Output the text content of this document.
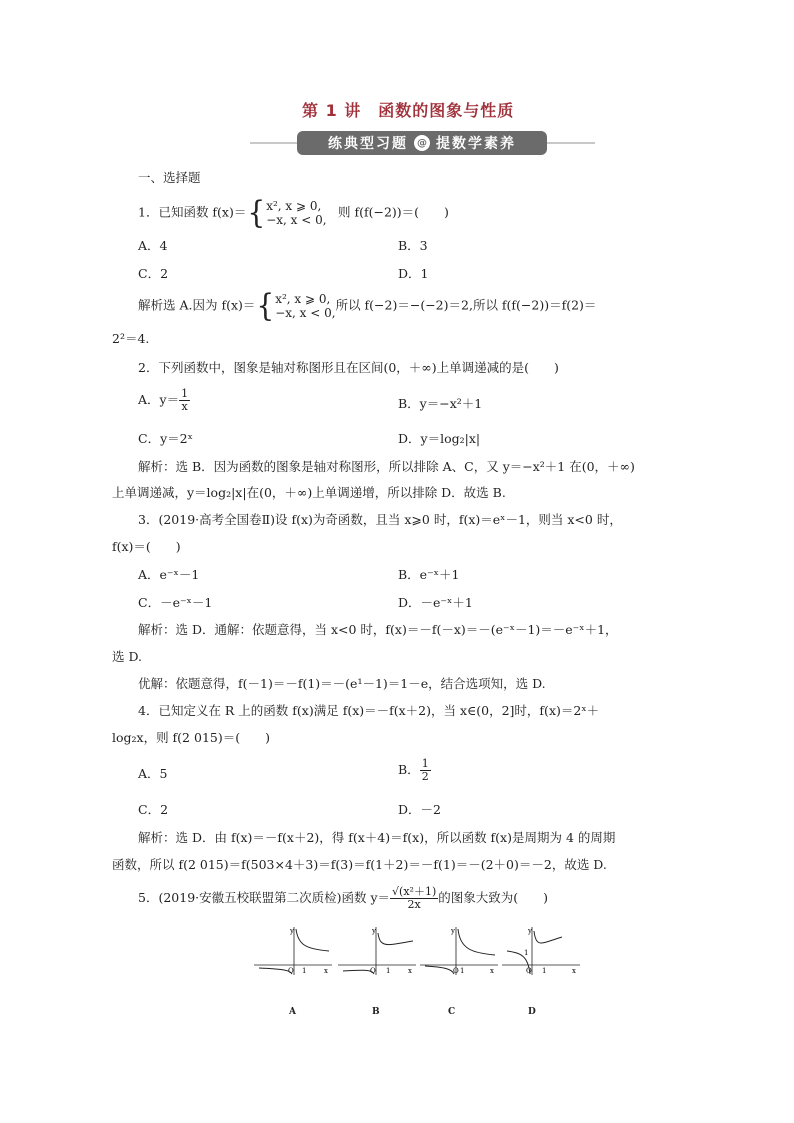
第 1 讲　函数的图象与性质
练典型习题 @ 提数学素养
一、选择题
1．已知函数 f(x)＝{x², x ⩾ 0,
−x, x < 0,则 f(f(−2))＝(　　)
A．4	B．3
C．2	D．1
解析选 A.因为 f(x)＝{x², x ⩾ 0,
−x, x < 0,所以 f(−2)＝−(−2)＝2,所以 f(f(−2))＝f(2)＝
2²＝4.
2．下列函数中，图象是轴对称图形且在区间(0，＋∞)上单调递减的是(　　)
A．$y= \frac{1}{x}$	B．y＝−x²＋1
C．y＝2ˣ	D．y＝log₂|x|
解析：选 B．因为函数的图象是轴对称图形，所以排除 A、C，又 y＝−x²＋1 在(0，＋∞)
上单调递减，y＝log₂|x|在(0，＋∞)上单调递增，所以排除 D．故选 B.
3．(2019·高考全国卷Ⅱ)设 f(x)为奇函数，且当 x⩾0 时，f(x)＝eˣ－1，则当 x<0 时，
f(x)＝(　　)
A．e⁻ˣ－1	B．e⁻ˣ＋1
C．－e⁻ˣ－1	D．－e⁻ˣ＋1
解析：选 D．通解：依题意得，当 x<0 时，f(x)＝－f(－x)＝－(e⁻ˣ－1)＝－e⁻ˣ＋1，
选 D.
优解：依题意得，f(－1)＝－f(1)＝－(e¹－1)＝1－e，结合选项知，选 D.
4．已知定义在 R 上的函数 f(x)满足 f(x)＝－f(x＋2)，当 x∈(0，2]时，f(x)＝2ˣ＋
log₂x，则 f(2 015)＝(　　)
A．5	B． $\frac{1}{2}$
C．2	D．－2
解析：选 D．由 f(x)＝－f(x＋2)，得 f(x＋4)＝f(x)，所以函数 f(x)是周期为 4 的周期
函数，所以 f(2 015)＝f(503×4＋3)＝f(3)＝f(1＋2)＝－f(1)＝－(2＋0)＝－2，故选 D.
5．(2019·安徽五校联盟第二次质检)函数 $y= \frac{\text{√(x²＋1)}}{2x}$ 的图象大致为(　　)
y
x
O 1
A
y
x
O 1
B
y
x
O 1
C
y
x
O 1
1
D
